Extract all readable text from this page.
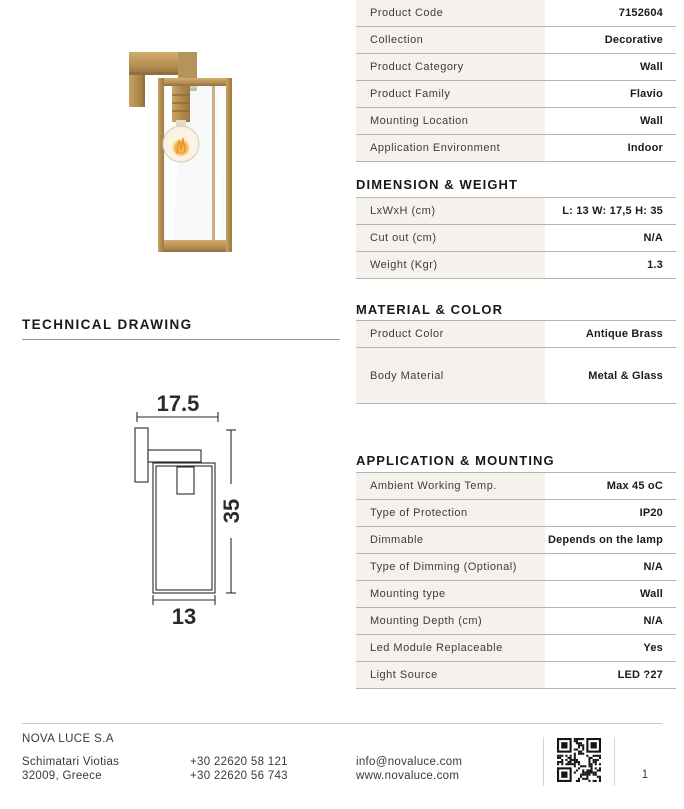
TECHNICAL DRAWING
17.5
35
13
Product Code	7152604
Collection	Decorative
Product Category	Wall
Product Family	Flavio
Mounting Location	Wall
Application Environment	Indoor
DIMENSION & WEIGHT
LxWxH (cm)	L: 13 W: 17,5 H: 35
Cut out (cm)	N/A
Weight (Kgr)	1.3
MATERIAL & COLOR
Product Color	Antique Brass
Body Material	Metal & Glass
APPLICATION & MOUNTING
Ambient Working Temp.	Max 45 oC
Type of Protection	IP20
Dimmable	Depends on the lamp
Type of Dimming (Optional)	N/A
Mounting type	Wall
Mounting Depth (cm)	N/A
Led Module Replaceable	Yes
Light Source	LED ?27
NOVA LUCE S.A
Schimatari Viotias
32009, Greece
+30 22620 58 121
+30 22620 56 743
info@novaluce.com
www.novaluce.com	1
